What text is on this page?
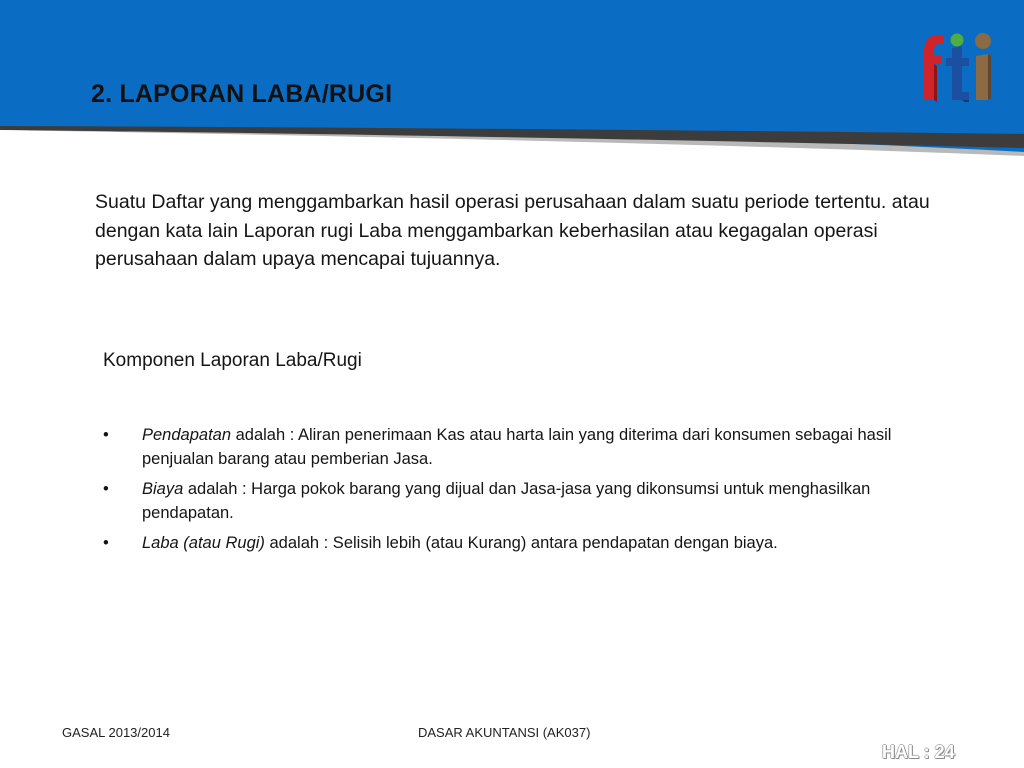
2. LAPORAN LABA/RUGI
Suatu Daftar yang menggambarkan hasil operasi perusahaan dalam suatu periode tertentu. atau dengan kata lain Laporan rugi Laba menggambarkan keberhasilan atau kegagalan operasi perusahaan dalam upaya mencapai tujuannya.
Komponen Laporan Laba/Rugi
• Pendapatan adalah : Aliran penerimaan Kas atau harta lain yang diterima dari konsumen sebagai hasil penjualan barang atau pemberian Jasa.
• Biaya adalah : Harga pokok barang yang dijual dan Jasa-jasa yang dikonsumsi untuk menghasilkan pendapatan.
• Laba (atau Rugi) adalah : Selisih lebih (atau Kurang) antara pendapatan dengan biaya.
GASAL 2013/2014	DASAR AKUNTANSI (AK037)
HAL : 24
